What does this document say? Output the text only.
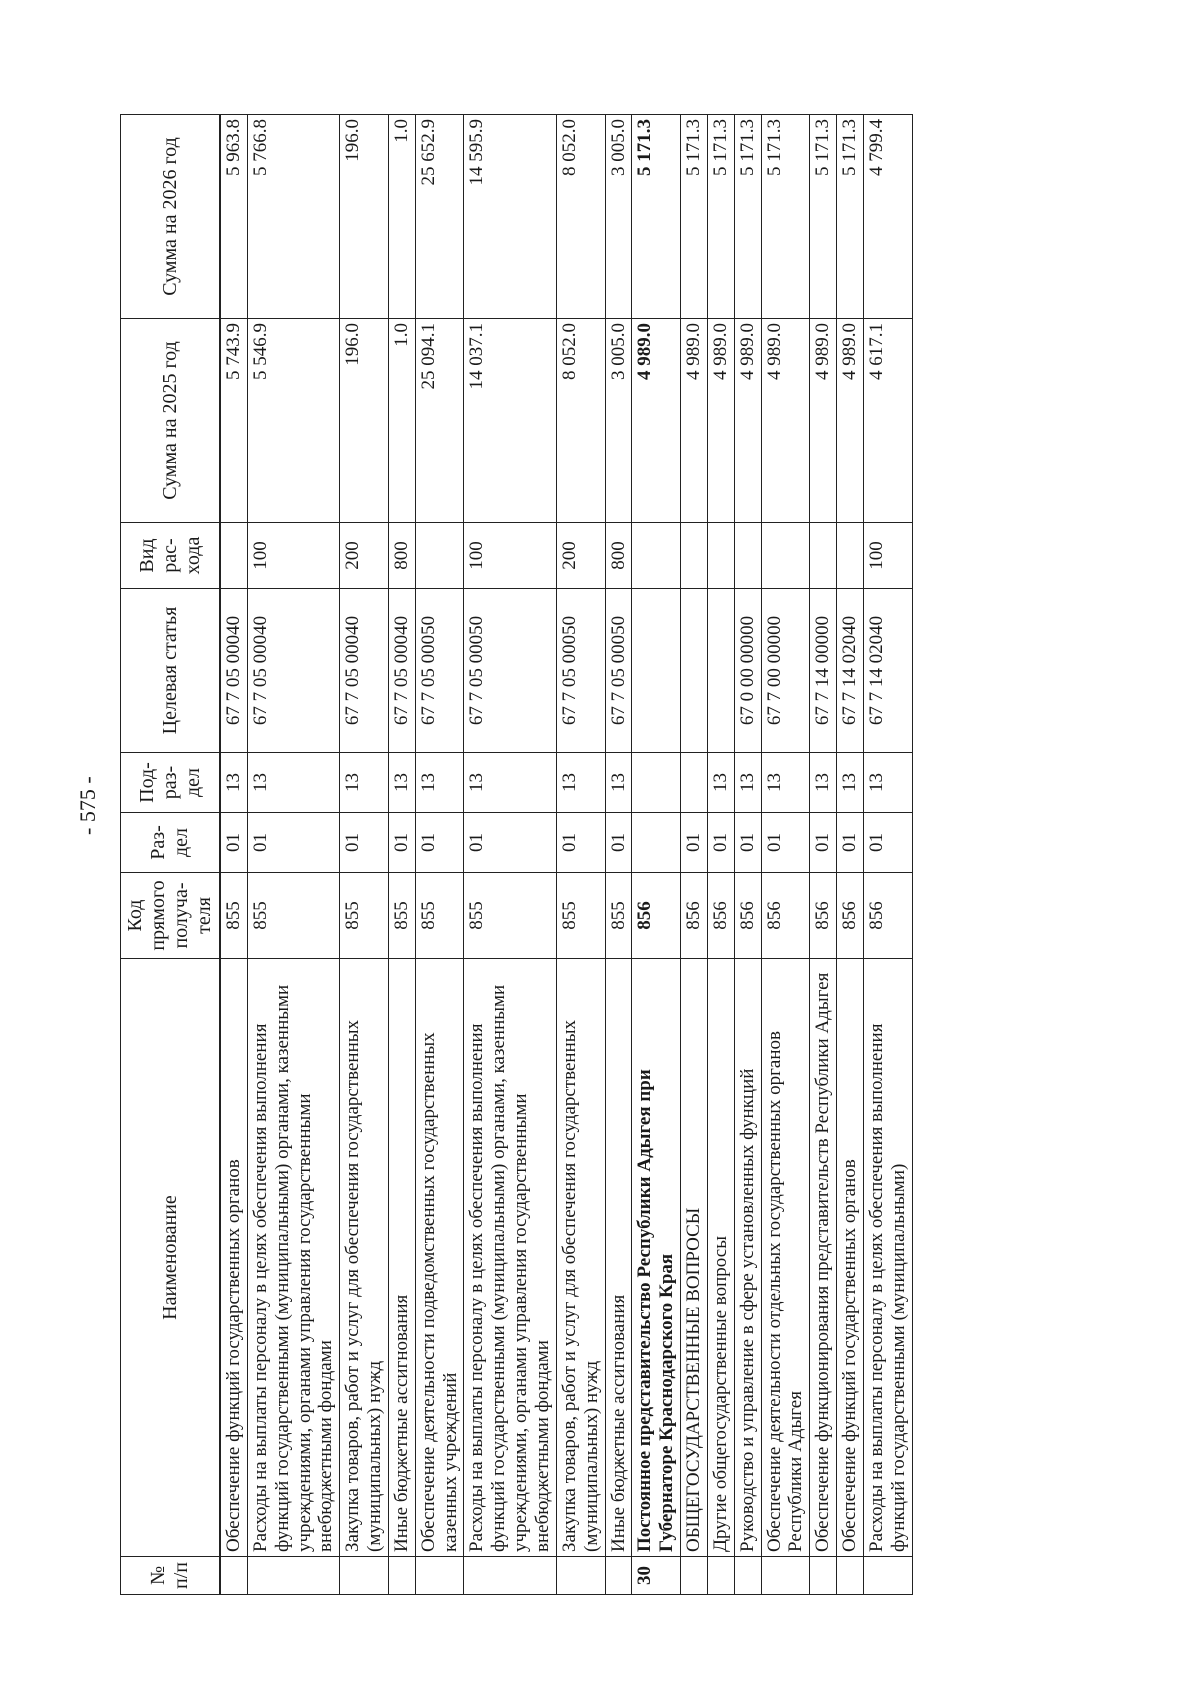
- 575 -
№ п/п	Наименование	Код прямого получа-теля	Раз-дел	Под-раз-дел	Целевая статья	Вид рас-хода	Сумма на 2025 год	Сумма на 2026 год
	Обеспечение функций государственных органов	855	01	13	67 7 05 00040		5 743.9	5 963.8
	Расходы на выплаты персоналу в целях обеспечения выполнения функций государственными (муниципальными) органами, казенными учреждениями, органами управления государственными внебюджетными фондами	855	01	13	67 7 05 00040	100	5 546.9	5 766.8
	Закупка товаров, работ и услуг для обеспечения государственных (муниципальных) нужд	855	01	13	67 7 05 00040	200	196.0	196.0
	Иные бюджетные ассигнования	855	01	13	67 7 05 00040	800	1.0	1.0
	Обеспечение деятельности подведомственных государственных казенных учреждений	855	01	13	67 7 05 00050		25 094.1	25 652.9
	Расходы на выплаты персоналу в целях обеспечения выполнения функций государственными (муниципальными) органами, казенными учреждениями, органами управления государственными внебюджетными фондами	855	01	13	67 7 05 00050	100	14 037.1	14 595.9
	Закупка товаров, работ и услуг для обеспечения государственных (муниципальных) нужд	855	01	13	67 7 05 00050	200	8 052.0	8 052.0
	Иные бюджетные ассигнования	855	01	13	67 7 05 00050	800	3 005.0	3 005.0
30	Постоянное представительство Республики Адыгея при Губернаторе Краснодарского Края	856					4 989.0	5 171.3
	ОБЩЕГОСУДАРСТВЕННЫЕ ВОПРОСЫ	856	01				4 989.0	5 171.3
	Другие общегосударственные вопросы	856	01	13			4 989.0	5 171.3
	Руководство и управление в сфере установленных функций	856	01	13	67 0 00 00000		4 989.0	5 171.3
	Обеспечение деятельности отдельных государственных органов Республики Адыгея	856	01	13	67 7 00 00000		4 989.0	5 171.3
	Обеспечение функционирования представительств Республики Адыгея	856	01	13	67 7 14 00000		4 989.0	5 171.3
	Обеспечение функций государственных органов	856	01	13	67 7 14 02040		4 989.0	5 171.3
	Расходы на выплаты персоналу в целях обеспечения выполнения функций государственными (муниципальными)	856	01	13	67 7 14 02040	100	4 617.1	4 799.4
